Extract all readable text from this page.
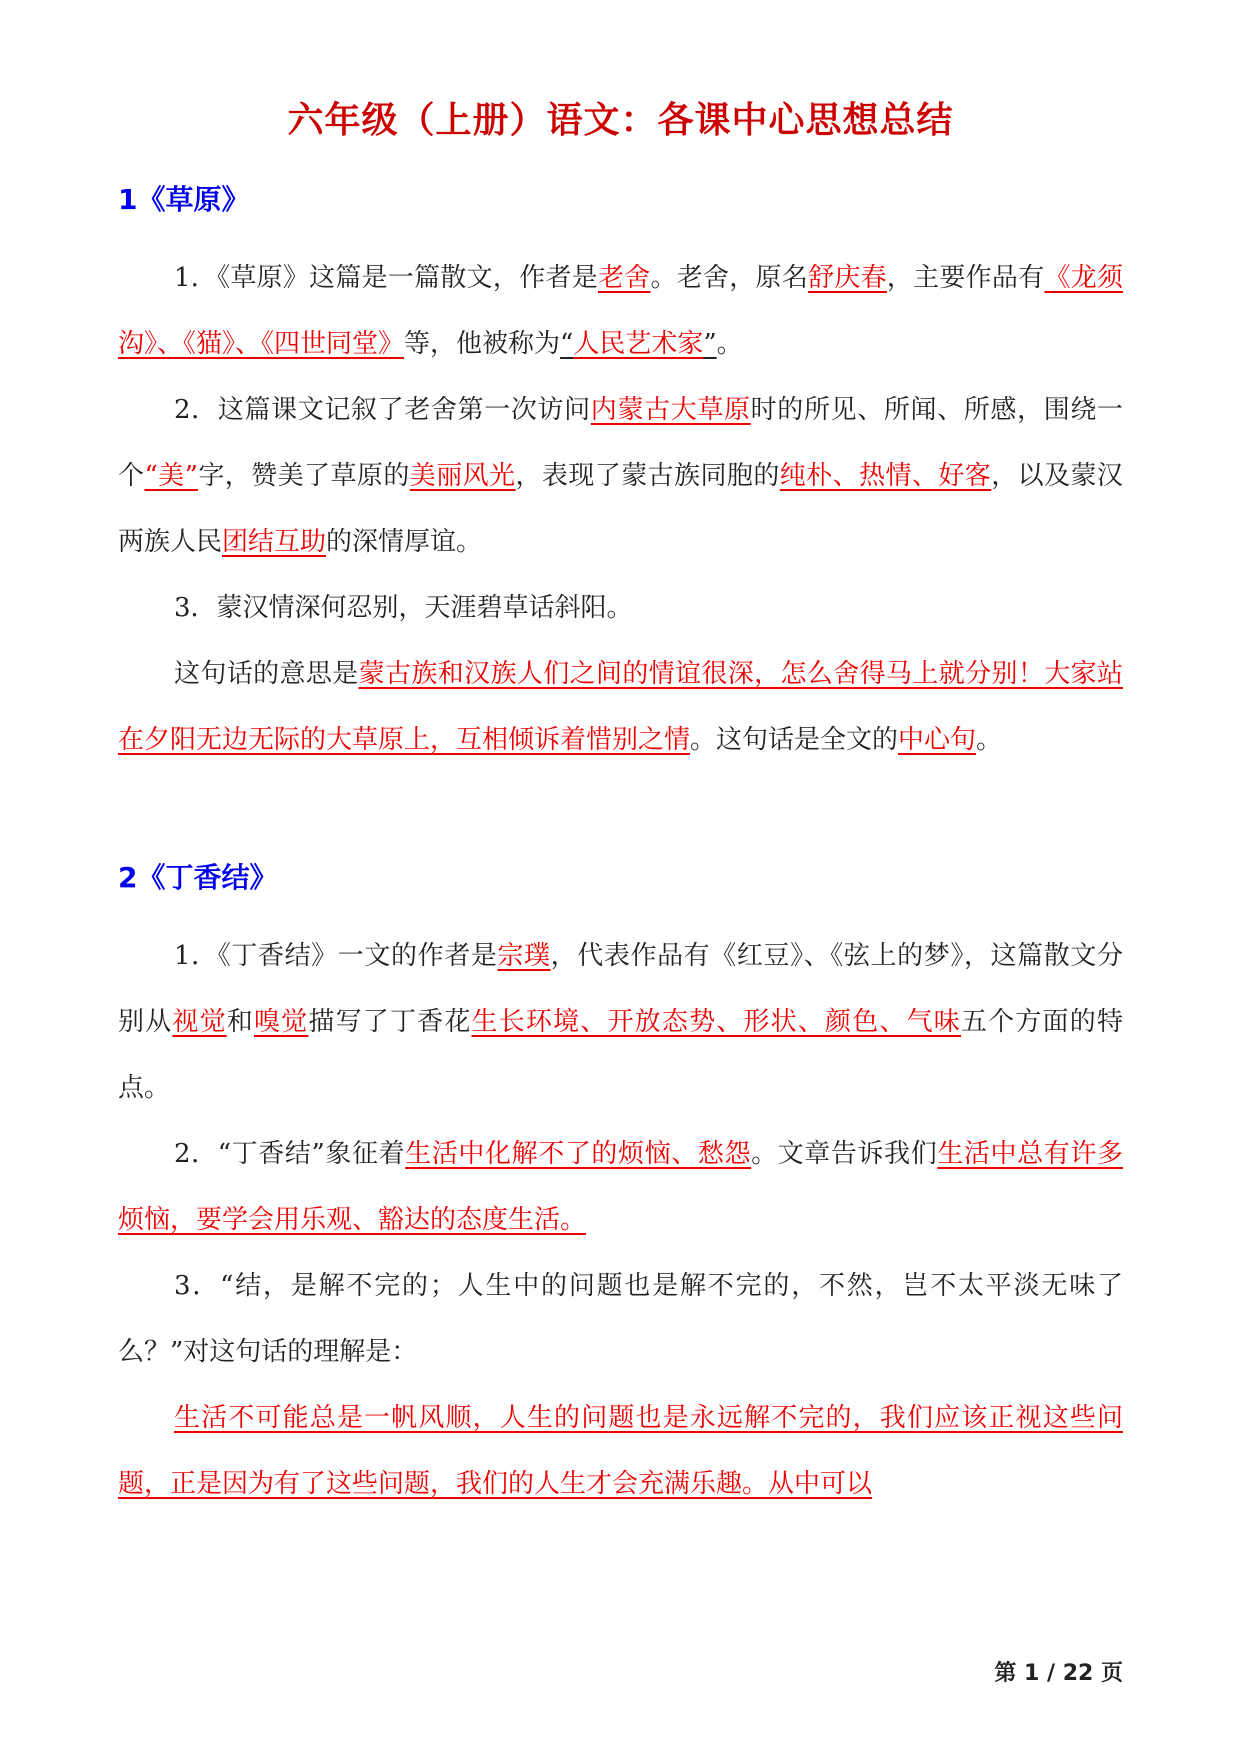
六年级（上册）语文：各课中心思想总结
1《草原》
1．《草原》这篇是一篇散文，作者是老舍。老舍，原名舒庆春，主要作品有《龙须沟》、《猫》、《四世同堂》等，他被称为“人民艺术家”。
2．这篇课文记叙了老舍第一次访问内蒙古大草原时的所见、所闻、所感，围绕一个“美”字，赞美了草原的美丽风光，表现了蒙古族同胞的纯朴、热情、好客，以及蒙汉两族人民团结互助的深情厚谊。
3．蒙汉情深何忍别，天涯碧草话斜阳。
这句话的意思是蒙古族和汉族人们之间的情谊很深，怎么舍得马上就分别！大家站在夕阳无边无际的大草原上，互相倾诉着惜别之情。这句话是全文的中心句。
2《丁香结》
1．《丁香结》一文的作者是宗璞，代表作品有《红豆》、《弦上的梦》，这篇散文分别从视觉和嗅觉描写了丁香花生长环境、开放态势、形状、颜色、气味五个方面的特点。
2．“丁香结”象征着生活中化解不了的烦恼、愁怨。文章告诉我们生活中总有许多烦恼，要学会用乐观、豁达的态度生活。
3．“结，是解不完的；人生中的问题也是解不完的，不然，岂不太平淡无味了么？”对这句话的理解是：
生活不可能总是一帆风顺，人生的问题也是永远解不完的，我们应该正视这些问题，正是因为有了这些问题，我们的人生才会充满乐趣。从中可以
第 1 / 22 页
